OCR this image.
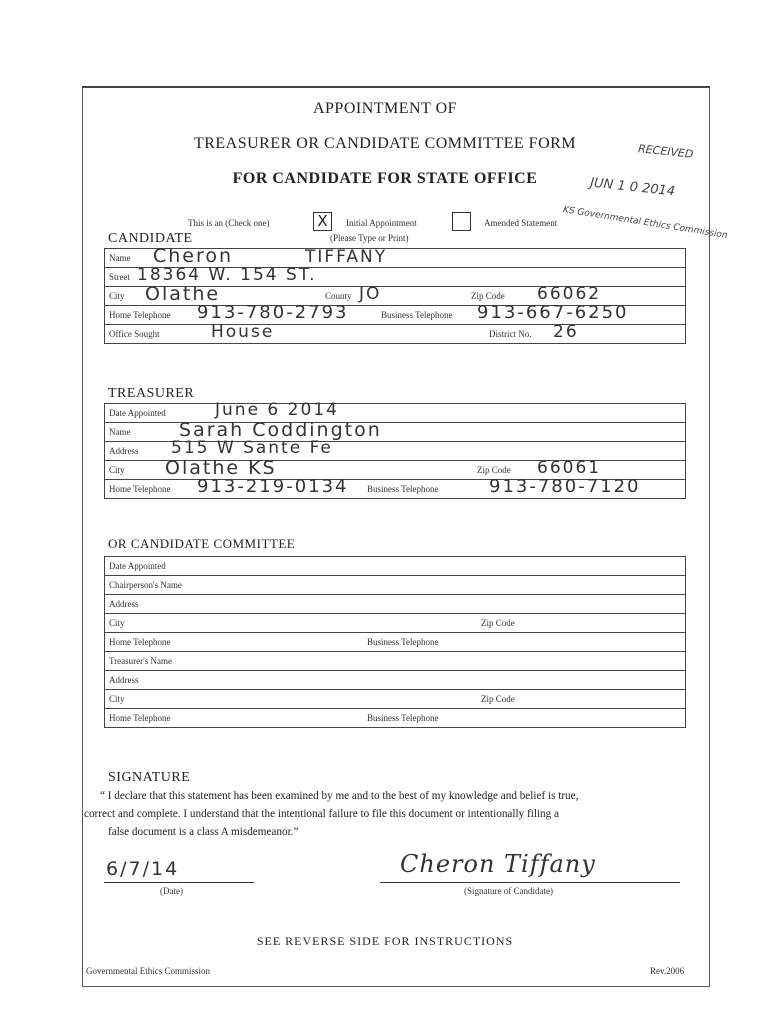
APPOINTMENT OF
TREASURER OR CANDIDATE COMMITTEE FORM
FOR CANDIDATE FOR STATE OFFICE
RECEIVED
JUN 1 0 2014
KS Governmental Ethics Commission
This is an (Check one)	X	Initial Appointment	Amended Statement
(Please Type or Print)
CANDIDATE
Name Cheron	TIFFANY
Street 18364 W. 154 ST.
City Olathe	County JO	Zip Code 66062
Home Telephone 913-780-2793	Business Telephone 913-667-6250
Office Sought	House	District No. 26
TREASURER
Date Appointed	June 6 2014
Name	Sarah Coddington
Address 515 W Sante Fe
City Olathe KS	Zip Code 66061
Home Telephone 913-219-0134 Business Telephone	913-780-7120
OR CANDIDATE COMMITTEE
Date Appointed
Chairperson's Name
Address
City	Zip Code
Home Telephone	Business Telephone
Treasurer's Name
Address
City	Zip Code
Home Telephone	Business Telephone
SIGNATURE
“ I declare that this statement has been examined by me and to the best of my knowledge and belief is true,
correct and complete. I understand that the intentional failure to file this document or intentionally filing a
false document is a class A misdemeanor.”
6/7/14
(Date)
Cheron Tiffany
(Signature of Candidate)
SEE REVERSE SIDE FOR INSTRUCTIONS
Governmental Ethics Commission	Rev.2006
